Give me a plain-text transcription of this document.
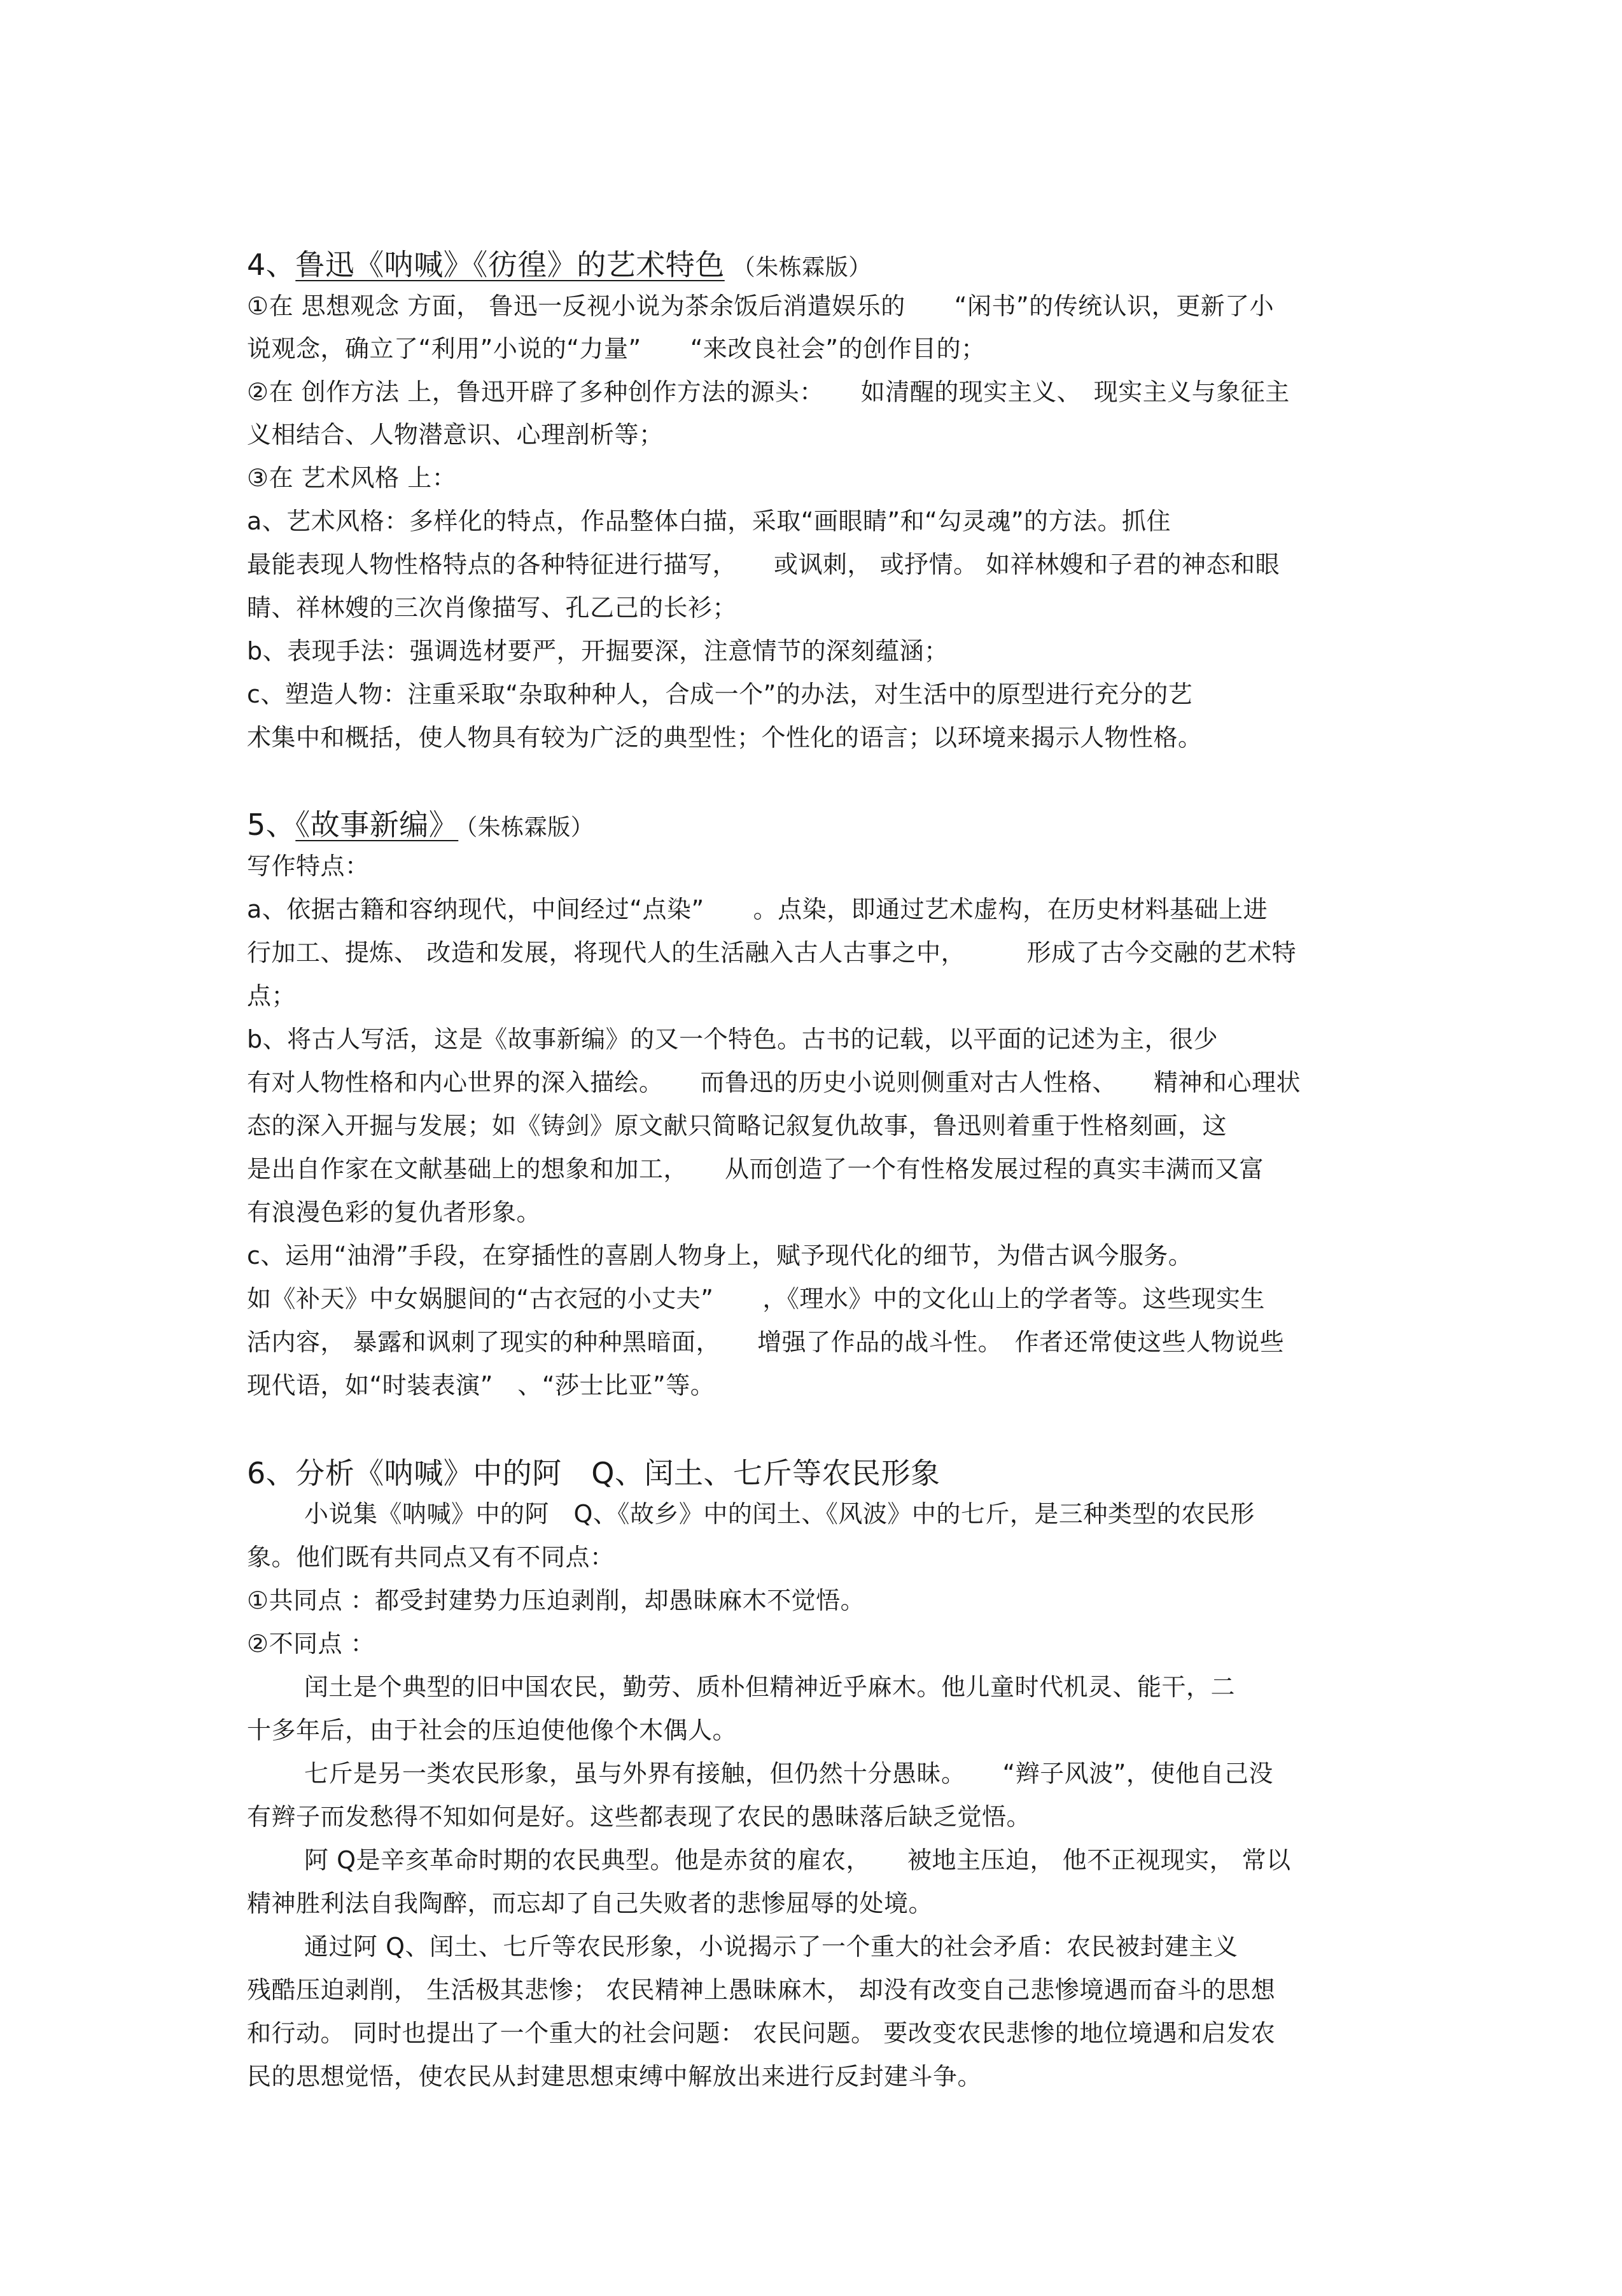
4、鲁迅《呐喊》《彷徨》的艺术特色 （朱栋霖版）
①在 思想观念 方面， 鲁迅一反视小说为茶余饭后消遣娱乐的　　“闲书”的传统认识，更新了小
说观念，确立了“利用”小说的“力量”　　“来改良社会”的创作目的；
②在 创作方法 上，鲁迅开辟了多种创作方法的源头：　　如清醒的现实主义、　现实主义与象征主
义相结合、人物潜意识、心理剖析等；
③在 艺术风格 上：
a、艺术风格：多样化的特点，作品整体白描，采取“画眼睛”和“勾灵魂”的方法。抓住
最能表现人物性格特点的各种特征进行描写，　　或讽刺， 或抒情。 如祥林嫂和子君的神态和眼
睛、祥林嫂的三次肖像描写、孔乙己的长衫；
b、表现手法：强调选材要严，开掘要深，注意情节的深刻蕴涵；
c、塑造人物：注重采取“杂取种种人，合成一个”的办法，对生活中的原型进行充分的艺
术集中和概括，使人物具有较为广泛的典型性；个性化的语言；以环境来揭示人物性格。
5、《故事新编》 （朱栋霖版）
写作特点：
a、依据古籍和容纳现代，中间经过“点染”　　。点染，即通过艺术虚构，在历史材料基础上进
行加工、提炼、 改造和发展，将现代人的生活融入古人古事之中，　　　形成了古今交融的艺术特
点；
b、将古人写活，这是《故事新编》的又一个特色。古书的记载，以平面的记述为主，很少
有对人物性格和内心世界的深入描绘。　　而鲁迅的历史小说则侧重对古人性格、　　精神和心理状
态的深入开掘与发展；如《铸剑》原文献只简略记叙复仇故事，鲁迅则着重于性格刻画，这
是出自作家在文献基础上的想象和加工，　　从而创造了一个有性格发展过程的真实丰满而又富
有浪漫色彩的复仇者形象。
c、运用“油滑”手段，在穿插性的喜剧人物身上，赋予现代化的细节，为借古讽今服务。
如《补天》中女娲腿间的“古衣冠的小丈夫”　　，《理水》中的文化山上的学者等。这些现实生
活内容， 暴露和讽刺了现实的种种黑暗面，　　增强了作品的战斗性。　作者还常使这些人物说些
现代语，如“时装表演”　、“莎士比亚”等。
6、分析《呐喊》中的阿　Q、闰土、七斤等农民形象
小说集《呐喊》中的阿　Q、《故乡》中的闰土、《风波》中的七斤，是三种类型的农民形
象。他们既有共同点又有不同点：
①共同点 ：都受封建势力压迫剥削，却愚昧麻木不觉悟。
②不同点 ：
闰土是个典型的旧中国农民，勤劳、质朴但精神近乎麻木。他儿童时代机灵、能干，二
十多年后，由于社会的压迫使他像个木偶人。
七斤是另一类农民形象，虽与外界有接触，但仍然十分愚昧。　　“辫子风波”，使他自己没
有辫子而发愁得不知如何是好。这些都表现了农民的愚昧落后缺乏觉悟。
阿 Q是辛亥革命时期的农民典型。他是赤贫的雇农，　　被地主压迫， 他不正视现实， 常以
精神胜利法自我陶醉，而忘却了自己失败者的悲惨屈辱的处境。
通过阿 Q、闰土、七斤等农民形象，小说揭示了一个重大的社会矛盾：农民被封建主义
残酷压迫剥削， 生活极其悲惨； 农民精神上愚昧麻木， 却没有改变自己悲惨境遇而奋斗的思想
和行动。 同时也提出了一个重大的社会问题： 农民问题。 要改变农民悲惨的地位境遇和启发农
民的思想觉悟，使农民从封建思想束缚中解放出来进行反封建斗争。
